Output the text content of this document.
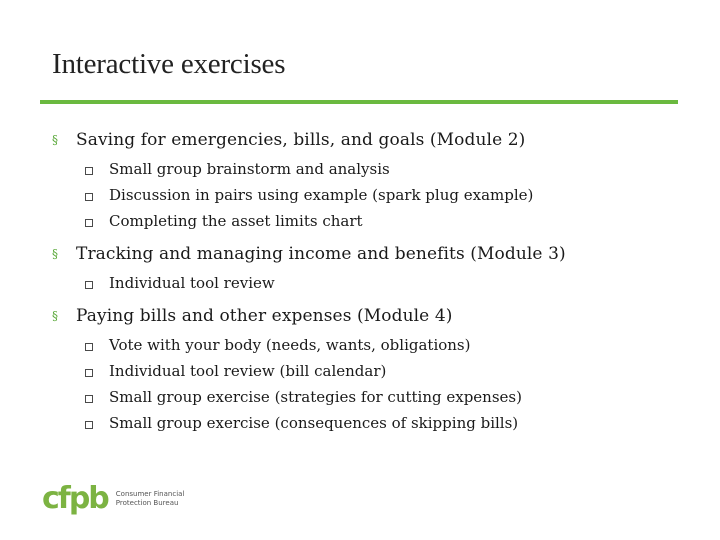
Interactive exercises
§	Saving for emergencies, bills, and goals (Module 2)
Small group brainstorm and analysis
Discussion in pairs using example (spark plug example)
Completing the asset limits chart
§	Tracking and managing income and benefits (Module 3)
Individual tool review
§	Paying bills and other expenses (Module 4)
Vote with your body (needs, wants, obligations)
Individual tool review (bill calendar)
Small group exercise (strategies for cutting expenses)
Small group exercise (consequences of skipping bills)
cfpb Consumer Financial
Protection Bureau
